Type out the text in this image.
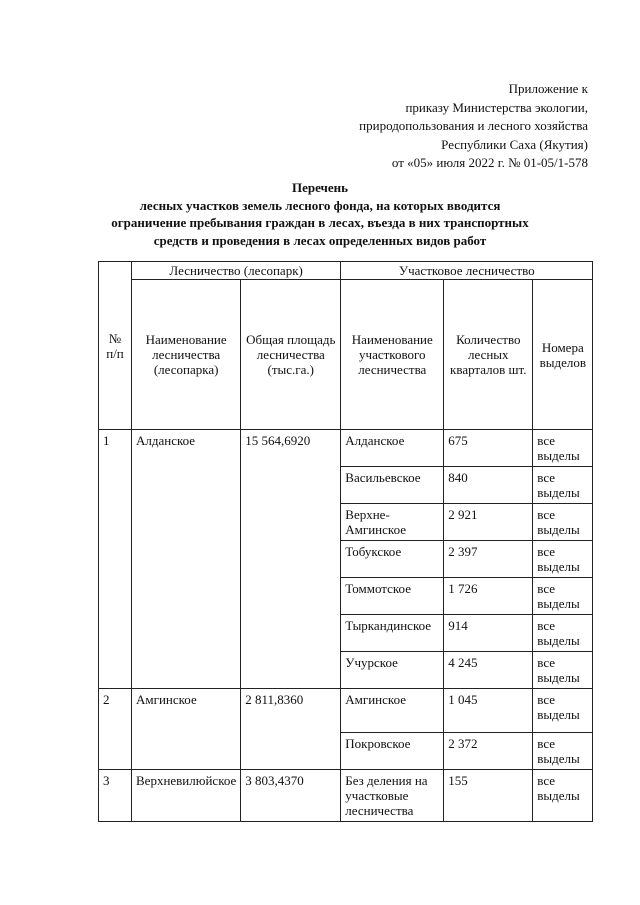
Приложение к
приказу Министерства экологии,
природопользования и лесного хозяйства
Республики Саха (Якутия)
от «05» июля 2022 г. № 01-05/1-578
Перечень
лесных участков земель лесного фонда, на которых вводится
ограничение пребывания граждан в лесах, въезда в них транспортных
средств и проведения в лесах определенных видов работ
№ п/п	Лесничество (лесопарк)		Участковое лесничество		
	Наименование лесничества (лесопарка)	Общая площадь лесничества (тыс.га.)	Наименование участкового лесничества	Количество лесных кварталов шт.	Номера выделов
1	Алданское	15 564,6920	Алданское	675	все выделы
			Васильевское	840	все выделы
			Верхне-Амгинское	2 921	все выделы
			Тобукское	2 397	все выделы
			Томмотское	1 726	все выделы
			Тыркандинское	914	все выделы
			Учурское	4 245	все выделы
2	Амгинское	2 811,8360	Амгинское	1 045	все выделы
			Покровское	2 372	все выделы
3	Верхневилюйское	3 803,4370	Без деления на участковые лесничества	155	все выделы
